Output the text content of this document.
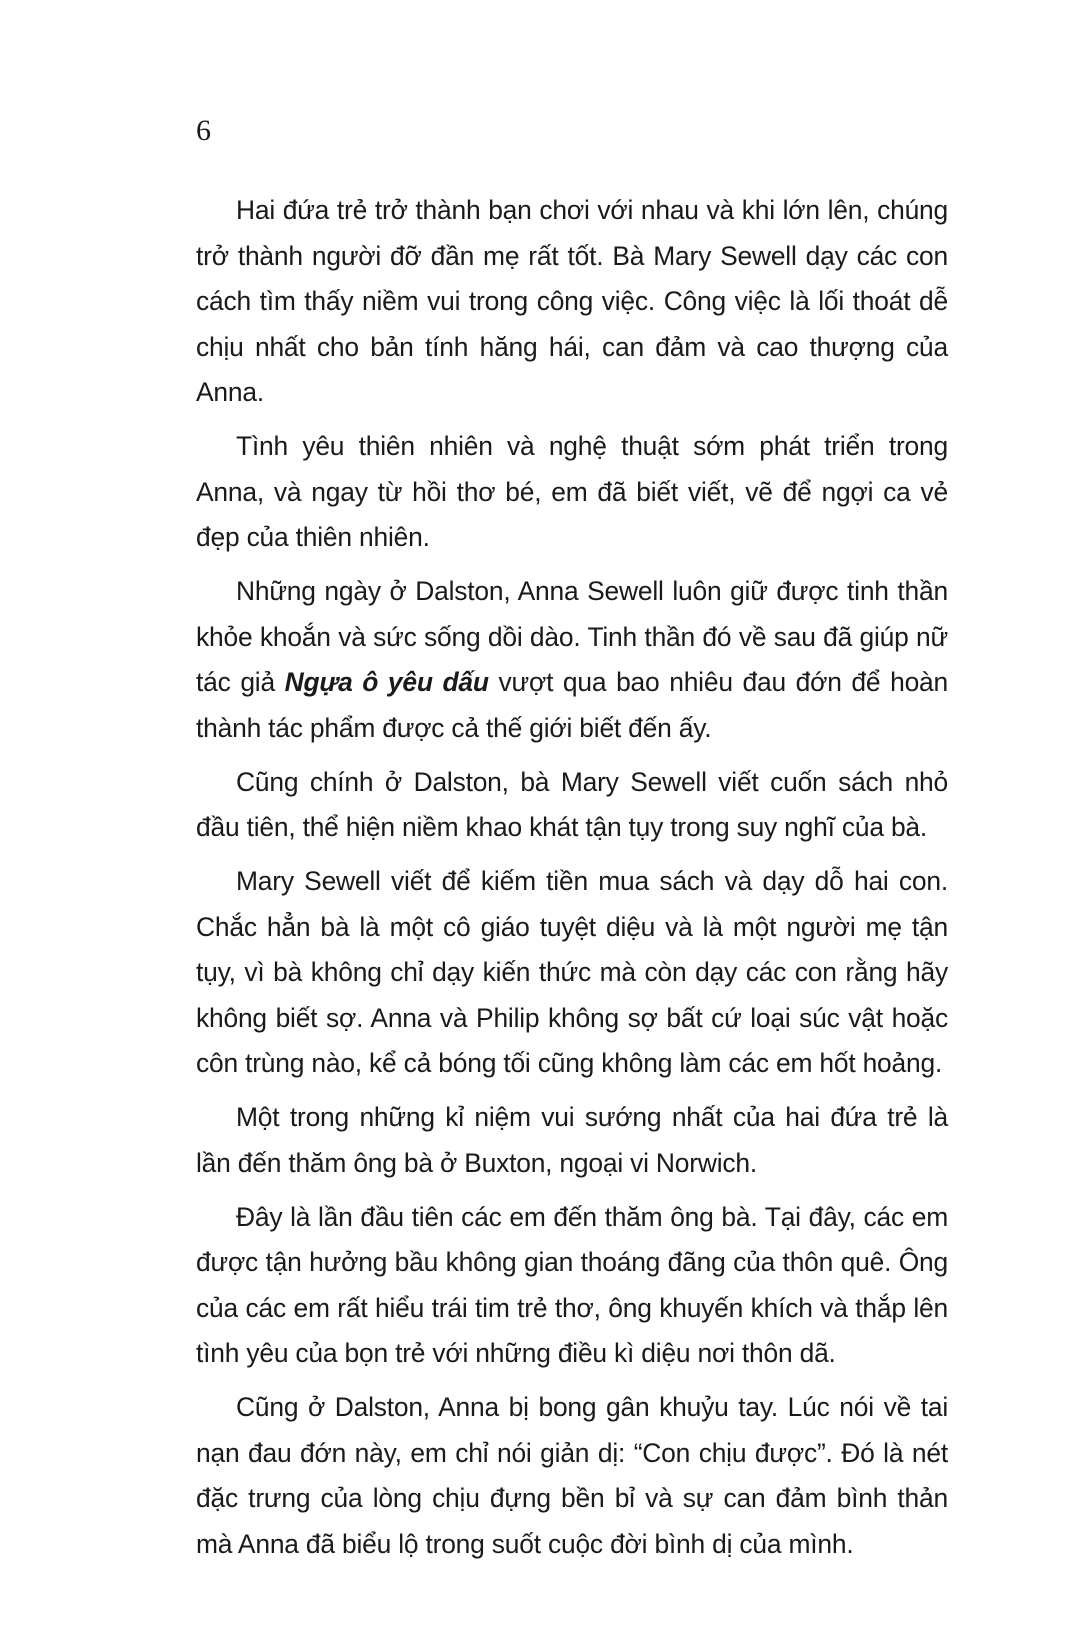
6

Hai đứa trẻ trở thành bạn chơi với nhau và khi lớn lên, chúng trở thành người đỡ đần mẹ rất tốt. Bà Mary Sewell dạy các con cách tìm thấy niềm vui trong công việc. Công việc là lối thoát dễ chịu nhất cho bản tính hăng hái, can đảm và cao thượng của Anna.

Tình yêu thiên nhiên và nghệ thuật sớm phát triển trong Anna, và ngay từ hồi thơ bé, em đã biết viết, vẽ để ngợi ca vẻ đẹp của thiên nhiên.

Những ngày ở Dalston, Anna Sewell luôn giữ được tinh thần khỏe khoắn và sức sống dồi dào. Tinh thần đó về sau đã giúp nữ tác giả Ngựa ô yêu dấu vượt qua bao nhiêu đau đớn để hoàn thành tác phẩm được cả thế giới biết đến ấy.

Cũng chính ở Dalston, bà Mary Sewell viết cuốn sách nhỏ đầu tiên, thể hiện niềm khao khát tận tụy trong suy nghĩ của bà.

Mary Sewell viết để kiếm tiền mua sách và dạy dỗ hai con. Chắc hẳn bà là một cô giáo tuyệt diệu và là một người mẹ tận tụy, vì bà không chỉ dạy kiến thức mà còn dạy các con rằng hãy không biết sợ. Anna và Philip không sợ bất cứ loại súc vật hoặc côn trùng nào, kể cả bóng tối cũng không làm các em hốt hoảng.

Một trong những kỉ niệm vui sướng nhất của hai đứa trẻ là lần đến thăm ông bà ở Buxton, ngoại vi Norwich.

Đây là lần đầu tiên các em đến thăm ông bà. Tại đây, các em được tận hưởng bầu không gian thoáng đãng của thôn quê. Ông của các em rất hiểu trái tim trẻ thơ, ông khuyến khích và thắp lên tình yêu của bọn trẻ với những điều kì diệu nơi thôn dã.

Cũng ở Dalston, Anna bị bong gân khuỷu tay. Lúc nói về tai nạn đau đớn này, em chỉ nói giản dị: “Con chịu được”. Đó là nét đặc trưng của lòng chịu đựng bền bỉ và sự can đảm bình thản mà Anna đã biểu lộ trong suốt cuộc đời bình dị của mình.
